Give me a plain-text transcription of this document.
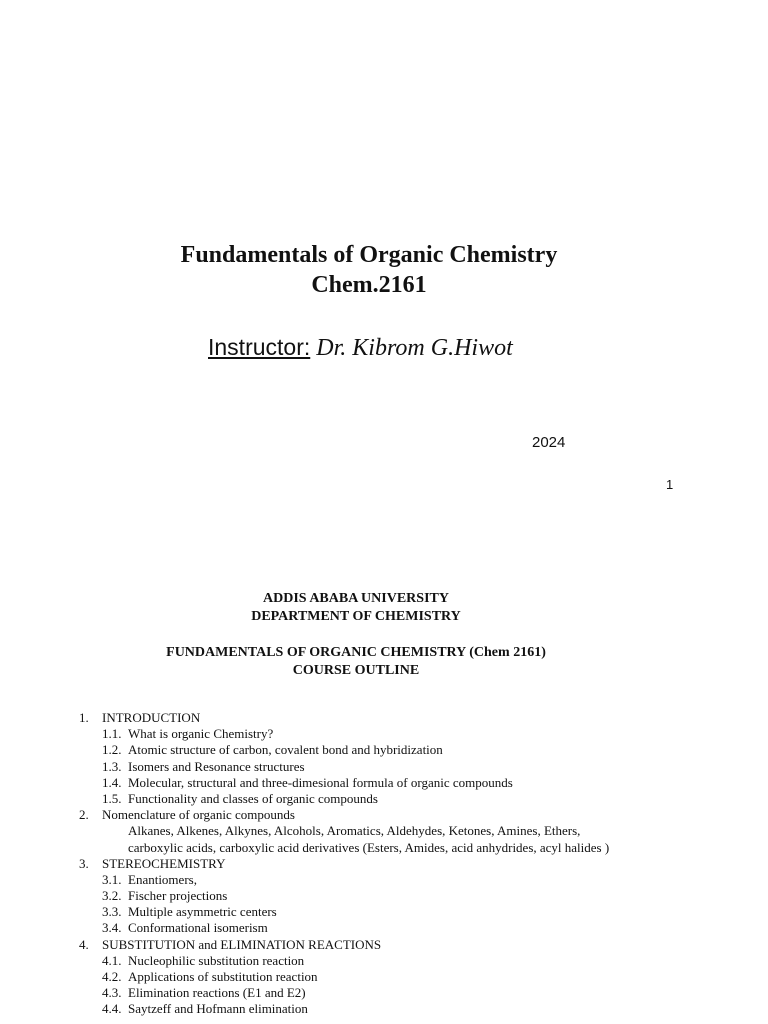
Fundamentals of Organic Chemistry

Chem.2161

Instructor: Dr. Kibrom G.Hiwot
2024
1
ADDIS ABABA UNIVERSITY
DEPARTMENT OF CHEMISTRY
FUNDAMENTALS OF ORGANIC CHEMISTRY (Chem 2161)
COURSE OUTLINE
1. INTRODUCTION
1.1. What is organic Chemistry?
1.2. Atomic structure of carbon, covalent bond and hybridization
1.3. Isomers and Resonance structures
1.4. Molecular, structural and three-dimesional formula of organic compounds
1.5. Functionality and classes of organic compounds
2. Nomenclature of organic compounds
Alkanes, Alkenes, Alkynes, Alcohols, Aromatics, Aldehydes, Ketones, Amines, Ethers,
carboxylic acids, carboxylic acid derivatives (Esters, Amides, acid anhydrides, acyl halides )
3. STEREOCHEMISTRY
3.1. Enantiomers,
3.2. Fischer projections
3.3. Multiple asymmetric centers
3.4. Conformational isomerism
4. SUBSTITUTION and ELIMINATION REACTIONS
4.1. Nucleophilic substitution reaction
4.2. Applications of substitution reaction
4.3. Elimination reactions (E1 and E2)
4.4. Saytzeff and Hofmann elimination
